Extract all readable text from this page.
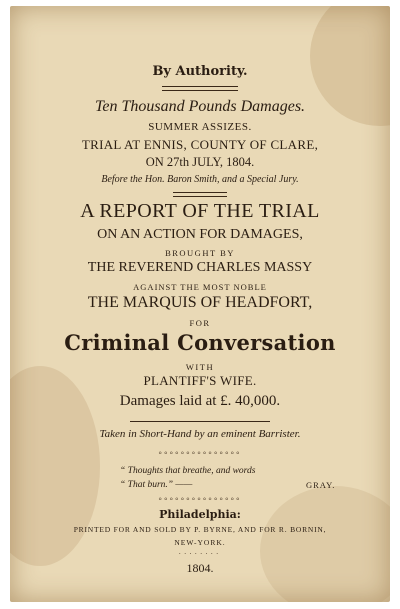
By Authority.
Ten Thousand Pounds Damages.
SUMMER ASSIZES.
TRIAL AT ENNIS, COUNTY OF CLARE,
ON 27th JULY, 1804.
Before the Hon. Baron Smith, and a Special Jury.
A REPORT OF THE TRIAL
ON AN ACTION FOR DAMAGES,
BROUGHT BY
THE REVEREND CHARLES MASSY
AGAINST THE MOST NOBLE
THE MARQUIS OF HEADFORT,
FOR
Criminal Conversation
WITH
PLANTIFF'S WIFE.
Damages laid at £. 40,000.
Taken in Short-Hand by an eminent Barrister.
◦◦◦◦◦◦◦◦◦◦◦◦◦◦◦
“ Thoughts that breathe, and words
“ That burn.” ——	GRAY.
◦◦◦◦◦◦◦◦◦◦◦◦◦◦◦
Philadelphia:
PRINTED FOR AND SOLD BY P. BYRNE, AND FOR R. BORNIN,
NEW-YORK.
········
1804.
